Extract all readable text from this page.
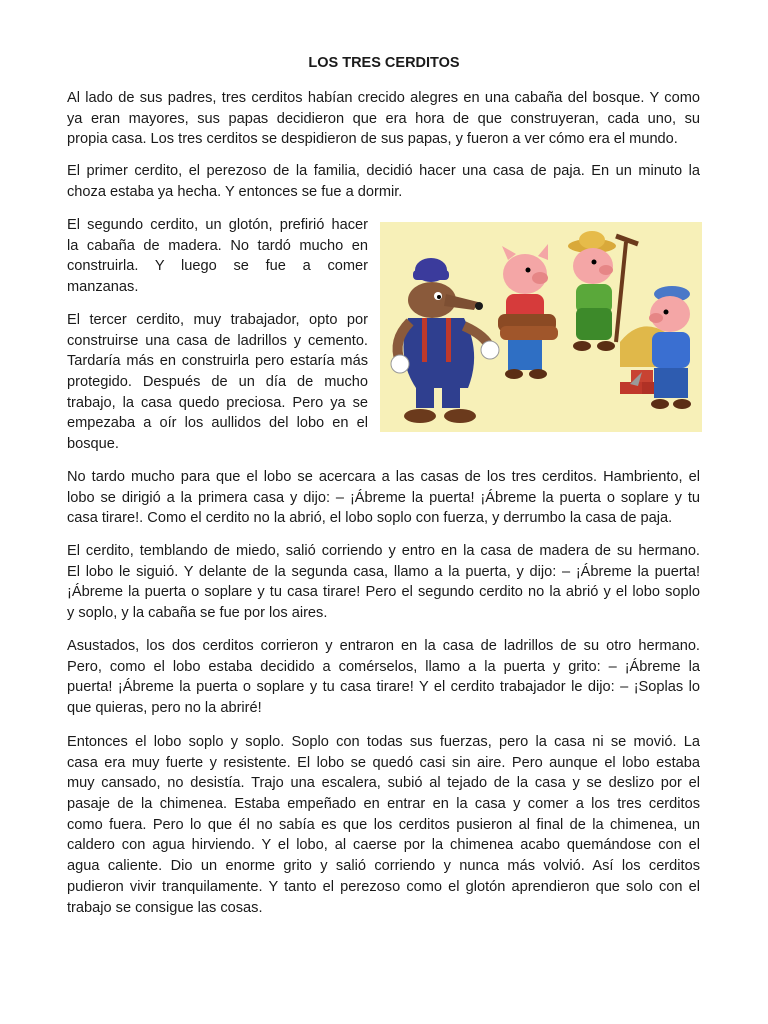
LOS TRES CERDITOS
Al lado de sus padres, tres cerditos habían crecido alegres en una cabaña del bosque. Y como
ya eran mayores, sus papas decidieron que era hora de que construyeran, cada uno, su
propia casa. Los tres cerditos se despidieron de sus papas, y fueron a ver cómo era el mundo.
El primer cerdito, el perezoso de la familia, decidió hacer una casa de paja. En un minuto la
choza estaba ya hecha. Y entonces se fue a dormir.
El segundo cerdito, un glotón, prefirió hacer
la cabaña de madera. No tardó mucho en
construirla. Y luego se fue a comer
manzanas.
El tercer cerdito, muy trabajador, opto por
construirse una casa de ladrillos y cemento.
Tardaría más en construirla pero estaría más
protegido. Después de un día de mucho
trabajo, la casa quedo preciosa. Pero ya se
empezaba a oír los aullidos del lobo en el
bosque.
No tardo mucho para que el lobo se acercara a las casas de los tres cerditos. Hambriento, el
lobo se dirigió a la primera casa y dijo: – ¡Ábreme la puerta! ¡Ábreme la puerta o soplare y tu
casa tirare!. Como el cerdito no la abrió, el lobo soplo con fuerza, y derrumbo la casa de paja.
El cerdito, temblando de miedo, salió corriendo y entro en la casa de madera de su hermano.
El lobo le siguió. Y delante de la segunda casa, llamo a la puerta, y dijo: – ¡Ábreme la puerta!
¡Ábreme la puerta o soplare y tu casa tirare! Pero el segundo cerdito no la abrió y el lobo soplo
y soplo, y la cabaña se fue por los aires.
Asustados, los dos cerditos corrieron y entraron en la casa de ladrillos de su otro hermano.
Pero, como el lobo estaba decidido a comérselos, llamo a la puerta y grito: – ¡Ábreme la
puerta! ¡Ábreme la puerta o soplare y tu casa tirare! Y el cerdito trabajador le dijo: – ¡Soplas lo
que quieras, pero no la abriré!
Entonces el lobo soplo y soplo. Soplo con todas sus fuerzas, pero la casa ni se movió. La
casa era muy fuerte y resistente. El lobo se quedó casi sin aire. Pero aunque el lobo estaba
muy cansado, no desistía. Trajo una escalera, subió al tejado de la casa y se deslizo por el
pasaje de la chimenea. Estaba empeñado en entrar en la casa y comer a los tres cerditos
como fuera. Pero lo que él no sabía es que los cerditos pusieron al final de la chimenea, un
caldero con agua hirviendo. Y el lobo, al caerse por la chimenea acabo quemándose con el
agua caliente. Dio un enorme grito y salió corriendo y nunca más volvió. Así los cerditos
pudieron vivir tranquilamente. Y tanto el perezoso como el glotón aprendieron que solo con el
trabajo se consigue las cosas.
